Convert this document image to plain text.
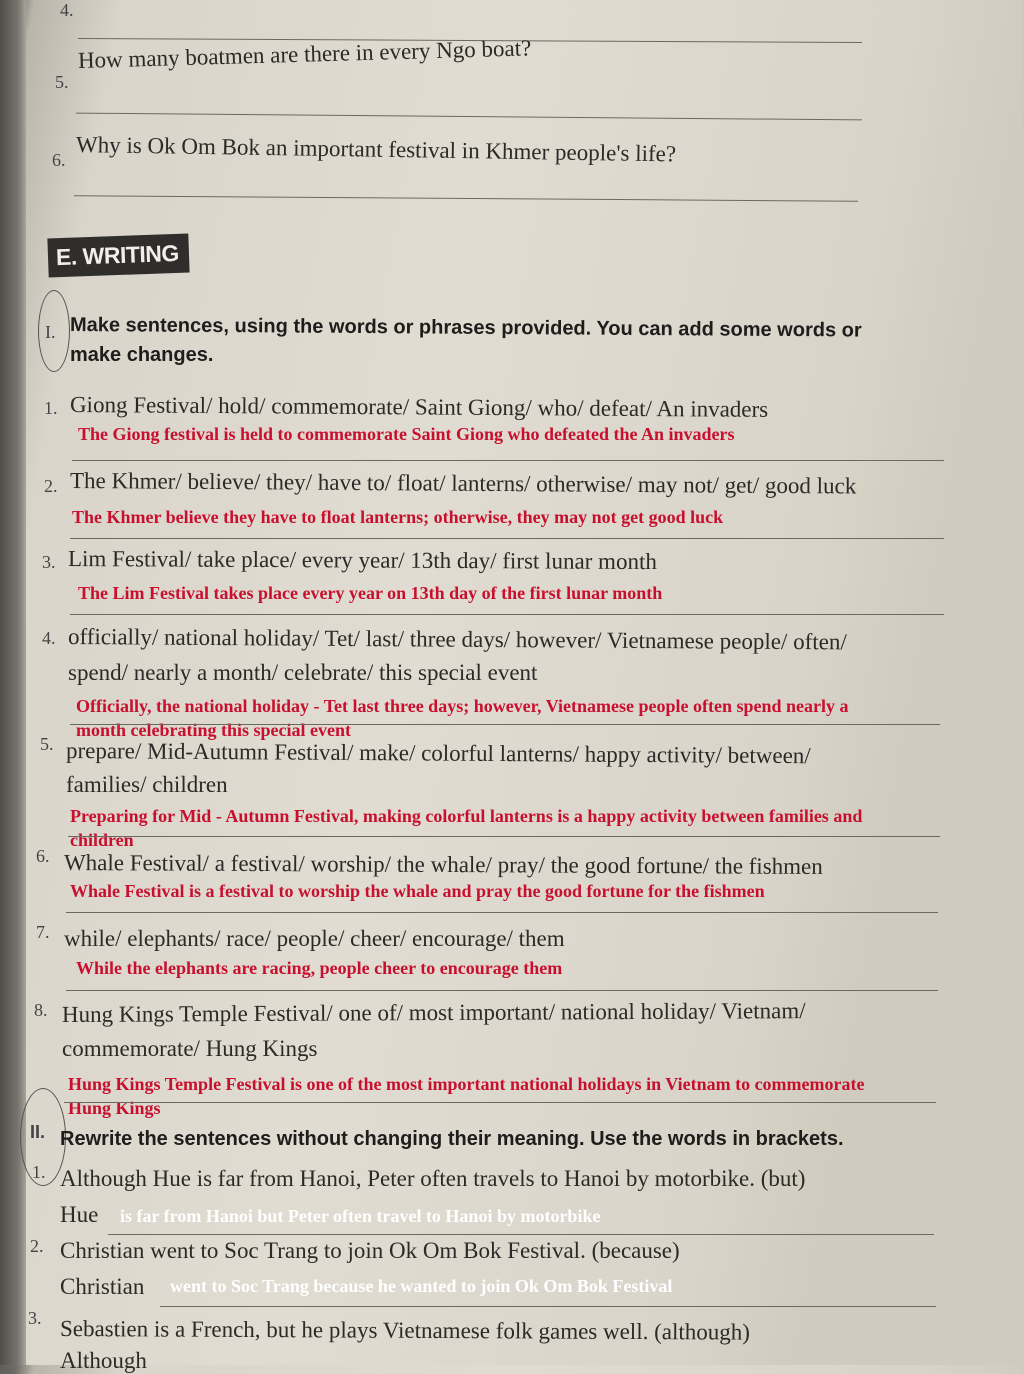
4.
5.
How many boatmen are there in every Ngo boat?
6. Why is Ok Om Bok an important festival in Khmer people's life?
E. WRITING
I. Make sentences, using the words or phrases provided. You can add some words or
make changes.
1. Giong Festival/ hold/ commemorate/ Saint Giong/ who/ defeat/ An invaders
The Giong festival is held to commemorate Saint Giong who defeated the An invaders
2. The Khmer/ believe/ they/ have to/ float/ lanterns/ otherwise/ may not/ get/ good luck
The Khmer believe they have to float lanterns; otherwise, they may not get good luck
3. Lim Festival/ take place/ every year/ 13th day/ first lunar month
The Lim Festival takes place every year on 13th day of the first lunar month
4. officially/ national holiday/ Tet/ last/ three days/ however/ Vietnamese people/ often/
spend/ nearly a month/ celebrate/ this special event
Officially, the national holiday - Tet last three days; however, Vietnamese people often spend nearly a
month celebrating this special event
5. prepare/ Mid-Autumn Festival/ make/ colorful lanterns/ happy activity/ between/
families/ children
Preparing for Mid - Autumn Festival, making colorful lanterns is a happy activity between families and
children
6. Whale Festival/ a festival/ worship/ the whale/ pray/ the good fortune/ the fishmen
Whale Festival is a festival to worship the whale and pray the good fortune for the fishmen
7. while/ elephants/ race/ people/ cheer/ encourage/ them
While the elephants are racing, people cheer to encourage them
8. Hung Kings Temple Festival/ one of/ most important/ national holiday/ Vietnam/
commemorate/ Hung Kings
Hung Kings Temple Festival is one of the most important national holidays in Vietnam to commemorate
Hung Kings
II. Rewrite the sentences without changing their meaning. Use the words in brackets.
1. Although Hue is far from Hanoi, Peter often travels to Hanoi by motorbike. (but)
Hue is far from Hanoi but Peter often travel to Hanoi by motorbike
2. Christian went to Soc Trang to join Ok Om Bok Festival. (because)
Christian went to Soc Trang because he wanted to join Ok Om Bok Festival
3. Sebastien is a French, but he plays Vietnamese folk games well. (although)
Although
